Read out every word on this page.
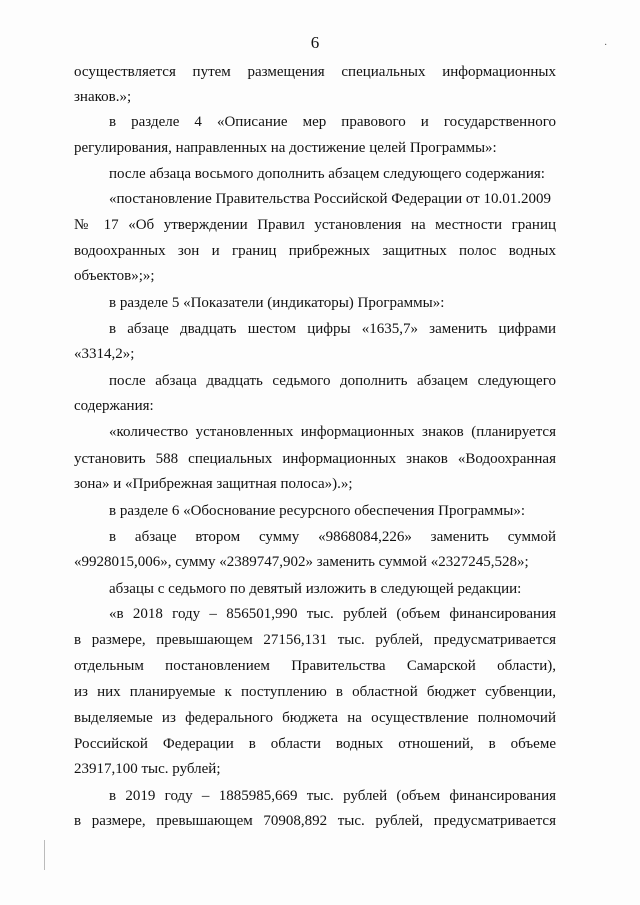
6	·
осуществляется путем размещения специальных информационных
знаков.»;
в разделе 4 «Описание мер правового и государственного
регулирования, направленных на достижение целей Программы»:
после абзаца восьмого дополнить абзацем следующего содержания:
«постановление Правительства Российской Федерации от 10.01.2009
№ 17 «Об утверждении Правил установления на местности границ
водоохранных зон и границ прибрежных защитных полос водных
объектов»;»;
в разделе 5 «Показатели (индикаторы) Программы»:
в абзаце двадцать шестом цифры «1635,7» заменить цифрами
«3314,2»;
после абзаца двадцать седьмого дополнить абзацем следующего
содержания:
«количество установленных информационных знаков (планируется
установить 588 специальных информационных знаков «Водоохранная
зона» и «Прибрежная защитная полоса»).»;
в разделе 6 «Обоснование ресурсного обеспечения Программы»:
в абзаце втором сумму «9868084,226» заменить суммой
«9928015,006», сумму «2389747,902» заменить суммой «2327245,528»;
абзацы с седьмого по девятый изложить в следующей редакции:
«в 2018 году – 856501,990 тыс. рублей (объем финансирования
в размере, превышающем 27156,131 тыс. рублей, предусматривается
отдельным постановлением Правительства Самарской области),
из них планируемые к поступлению в областной бюджет субвенции,
выделяемые из федерального бюджета на осуществление полномочий
Российской Федерации в области водных отношений, в объеме
23917,100 тыс. рублей;
в 2019 году – 1885985,669 тыс. рублей (объем финансирования
в размере, превышающем 70908,892 тыс. рублей, предусматривается
